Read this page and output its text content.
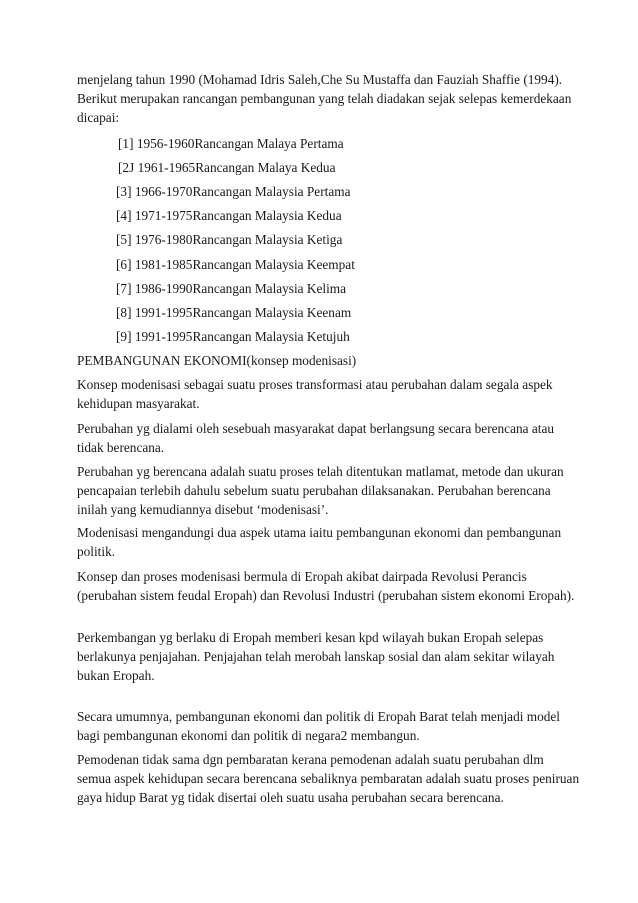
menjelang tahun 1990 (Mohamad Idris Saleh,Che Su Mustaffa dan Fauziah Shaffie (1994).
Berikut merupakan rancangan pembangunan yang telah diadakan sejak selepas kemerdekaan
dicapai:
[1] 1956-1960Rancangan Malaya Pertama
[2J 1961-1965Rancangan Malaya Kedua
[3] 1966-1970Rancangan Malaysia Pertama
[4] 1971-1975Rancangan Malaysia Kedua
[5] 1976-1980Rancangan Malaysia Ketiga
[6] 1981-1985Rancangan Malaysia Keempat
[7] 1986-1990Rancangan Malaysia Kelima
[8] 1991-1995Rancangan Malaysia Keenam
[9] 1991-1995Rancangan Malaysia Ketujuh
PEMBANGUNAN EKONOMI(konsep modenisasi)
Konsep modenisasi sebagai suatu proses transformasi atau perubahan dalam segala aspek
kehidupan masyarakat.
Perubahan yg dialami oleh sesebuah masyarakat dapat berlangsung secara berencana atau
tidak berencana.
Perubahan yg berencana adalah suatu proses telah ditentukan matlamat, metode dan ukuran
pencapaian terlebih dahulu sebelum suatu perubahan dilaksanakan. Perubahan berencana
inilah yang kemudiannya disebut ‘modenisasi’.
Modenisasi mengandungi dua aspek utama iaitu pembangunan ekonomi dan pembangunan
politik.
Konsep dan proses modenisasi bermula di Eropah akibat dairpada Revolusi Perancis
(perubahan sistem feudal Eropah) dan Revolusi Industri (perubahan sistem ekonomi Eropah).
Perkembangan yg berlaku di Eropah memberi kesan kpd wilayah bukan Eropah selepas
berlakunya penjajahan. Penjajahan telah merobah lanskap sosial dan alam sekitar wilayah
bukan Eropah.
Secara umumnya, pembangunan ekonomi dan politik di Eropah Barat telah menjadi model
bagi pembangunan ekonomi dan politik di negara2 membangun.
Pemodenan tidak sama dgn pembaratan kerana pemodenan adalah suatu perubahan dlm
semua aspek kehidupan secara berencana sebaliknya pembaratan adalah suatu proses peniruan
gaya hidup Barat yg tidak disertai oleh suatu usaha perubahan secara berencana.
